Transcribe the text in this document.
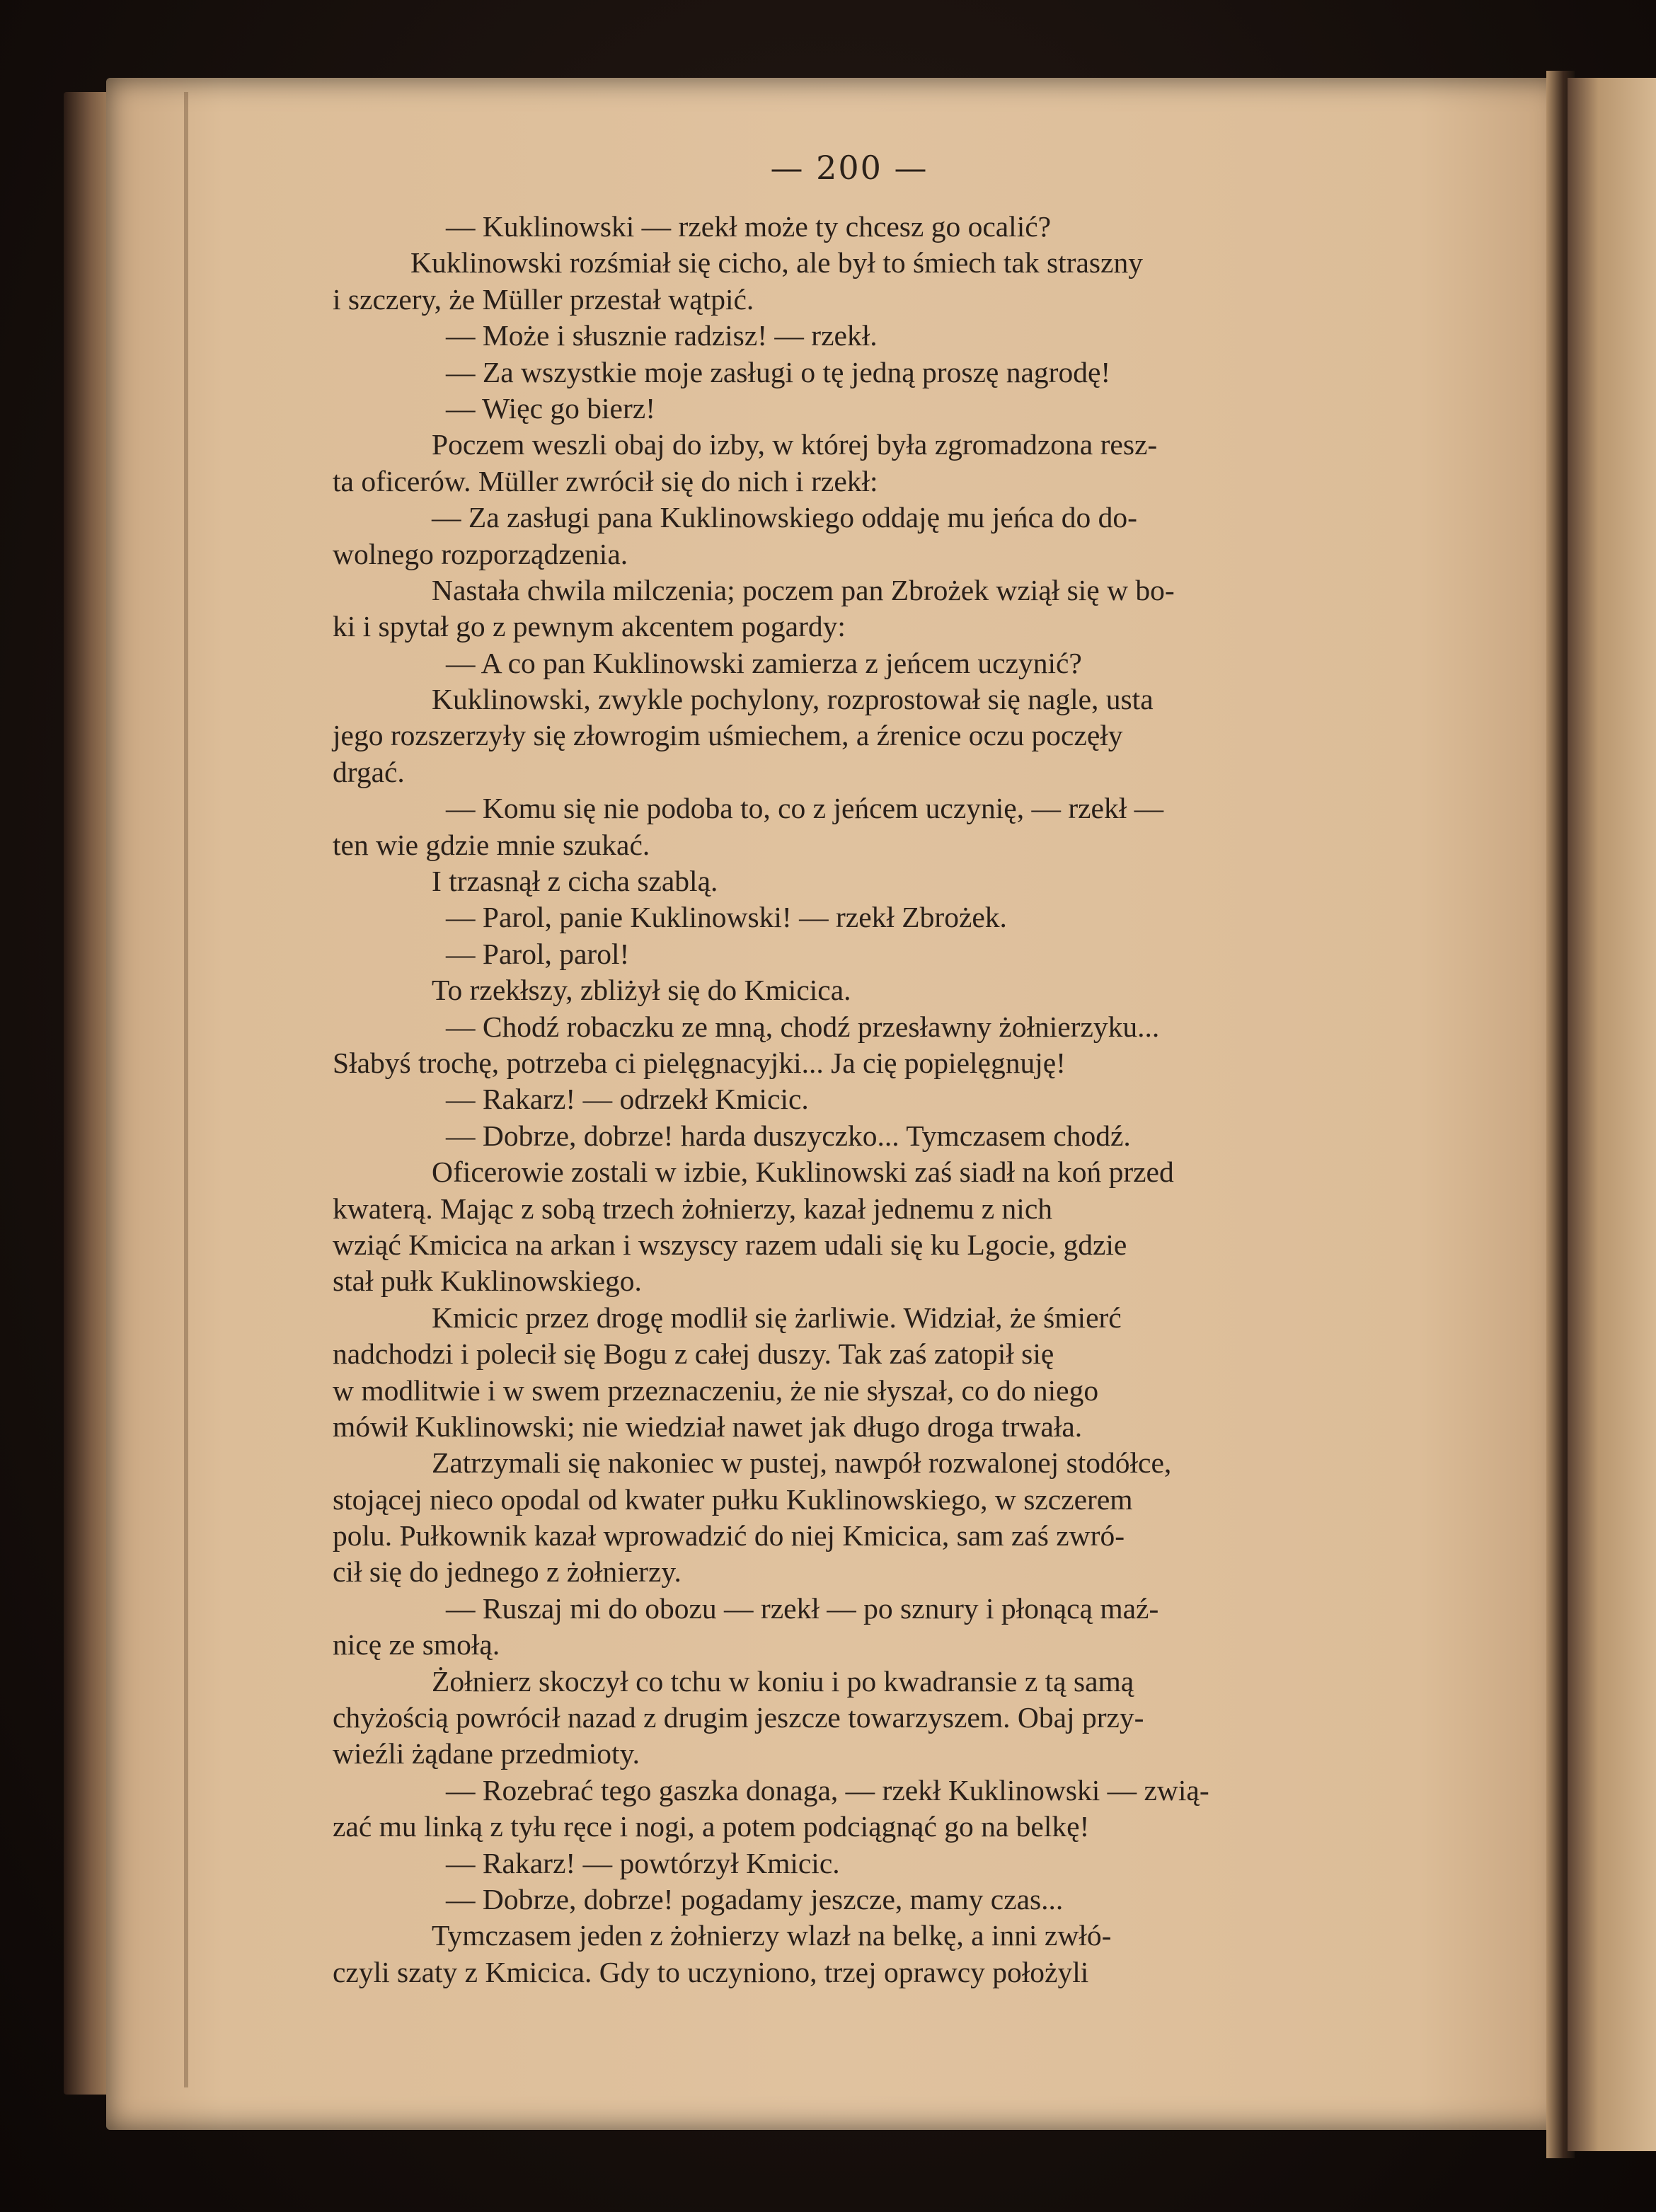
— 200 —
— Kuklinowski — rzekł może ty chcesz go ocalić?
Kuklinowski rozśmiał się cicho, ale był to śmiech tak straszny
i szczery, że Müller przestał wątpić.
— Może i słusznie radzisz! — rzekł.
— Za wszystkie moje zasługi o tę jedną proszę nagrodę!
— Więc go bierz!
Poczem weszli obaj do izby, w której była zgromadzona resz-
ta oficerów. Müller zwrócił się do nich i rzekł:
— Za zasługi pana Kuklinowskiego oddaję mu jeńca do do-
wolnego rozporządzenia.
Nastała chwila milczenia; poczem pan Zbrożek wziął się w bo-
ki i spytał go z pewnym akcentem pogardy:
— A co pan Kuklinowski zamierza z jeńcem uczynić?
Kuklinowski, zwykle pochylony, rozprostował się nagle, usta
jego rozszerzyły się złowrogim uśmiechem, a źrenice oczu poczęły
drgać.
— Komu się nie podoba to, co z jeńcem uczynię, — rzekł —
ten wie gdzie mnie szukać.
I trzasnął z cicha szablą.
— Parol, panie Kuklinowski! — rzekł Zbrożek.
— Parol, parol!
To rzekłszy, zbliżył się do Kmicica.
— Chodź robaczku ze mną, chodź przesławny żołnierzyku...
Słabyś trochę, potrzeba ci pielęgnacyjki... Ja cię popielęgnuję!
— Rakarz! — odrzekł Kmicic.
— Dobrze, dobrze! harda duszyczko... Tymczasem chodź.
Oficerowie zostali w izbie, Kuklinowski zaś siadł na koń przed
kwaterą. Mając z sobą trzech żołnierzy, kazał jednemu z nich
wziąć Kmicica na arkan i wszyscy razem udali się ku Lgocie, gdzie
stał pułk Kuklinowskiego.
Kmicic przez drogę modlił się żarliwie. Widział, że śmierć
nadchodzi i polecił się Bogu z całej duszy. Tak zaś zatopił się
w modlitwie i w swem przeznaczeniu, że nie słyszał, co do niego
mówił Kuklinowski; nie wiedział nawet jak długo droga trwała.
Zatrzymali się nakoniec w pustej, nawpół rozwalonej stodółce,
stojącej nieco opodal od kwater pułku Kuklinowskiego, w szczerem
polu. Pułkownik kazał wprowadzić do niej Kmicica, sam zaś zwró-
cił się do jednego z żołnierzy.
— Ruszaj mi do obozu — rzekł — po sznury i płonącą maź-
nicę ze smołą.
Żołnierz skoczył co tchu w koniu i po kwadransie z tą samą
chyżością powrócił nazad z drugim jeszcze towarzyszem. Obaj przy-
wieźli żądane przedmioty.
— Rozebrać tego gaszka donaga, — rzekł Kuklinowski — zwią-
zać mu linką z tyłu ręce i nogi, a potem podciągnąć go na belkę!
— Rakarz! — powtórzył Kmicic.
— Dobrze, dobrze! pogadamy jeszcze, mamy czas...
Tymczasem jeden z żołnierzy wlazł na belkę, a inni zwłó-
czyli szaty z Kmicica. Gdy to uczyniono, trzej oprawcy położyli
